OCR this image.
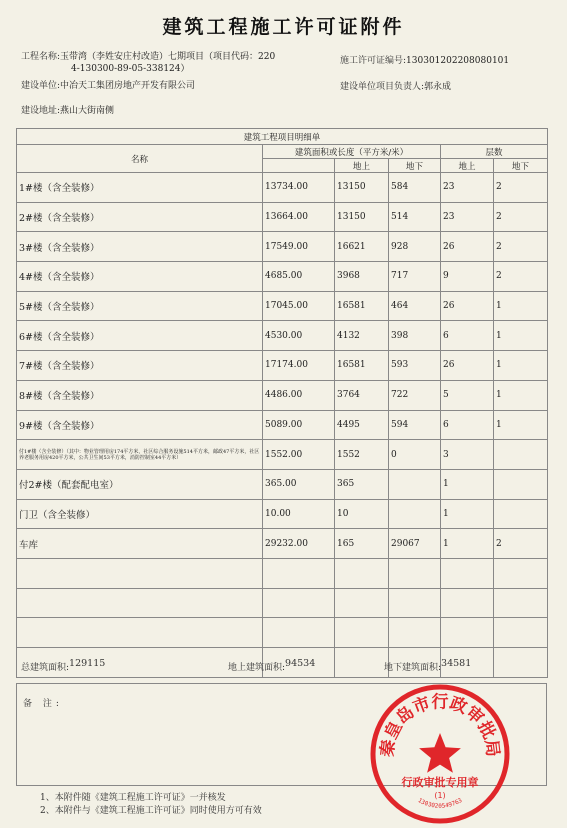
建筑工程施工许可证附件
工程名称:玉带湾（李姓安庄村改造）七期项目（项目代码：220
4-130300-89-05-338124）
施工许可证编号:130301202208080101
建设单位:中冶天工集团房地产开发有限公司	建设单位项目负责人:郭永成
建设地址:燕山大街南侧
建筑工程项目明细单					
名称	建筑面积或长度（平方米/米）			层数	
		地上	地下	地上	地下
1#楼（含全装修）	13734.00	13150	584	23	2
2#楼（含全装修）	13664.00	13150	514	23	2
3#楼（含全装修）	17549.00	16621	928	26	2
4#楼（含全装修）	4685.00	3968	717	9	2
5#楼（含全装修）	17045.00	16581	464	26	1
6#楼（含全装修）	4530.00	4132	398	6	1
7#楼（含全装修）	17174.00	16581	593	26	1
8#楼（含全装修）	4486.00	3764	722	5	1
9#楼（含全装修）	5089.00	4495	594	6	1
付1#楼（含全装修）（其中：物业管理用房174平方米，社区综合服务设施514平方米，邮政47平方米，社区养老服务用房420平方米，公共卫生间53平方米，消防控制室44平方米）	1552.00	1552	0	3	
付2#楼（配套配电室）	365.00	365		1	
门卫（含全装修）	10.00	10		1	
车库	29232.00	165	29067	1	2

总建筑面积:129115	地上建筑面积:94534	地下建筑面积:34581
备 注:
秦皇岛市行政审批局
行政审批专用章
(1)
1303020549763
1、本附件随《建筑工程施工许可证》一并核发
2、本附件与《建筑工程施工许可证》同时使用方可有效
